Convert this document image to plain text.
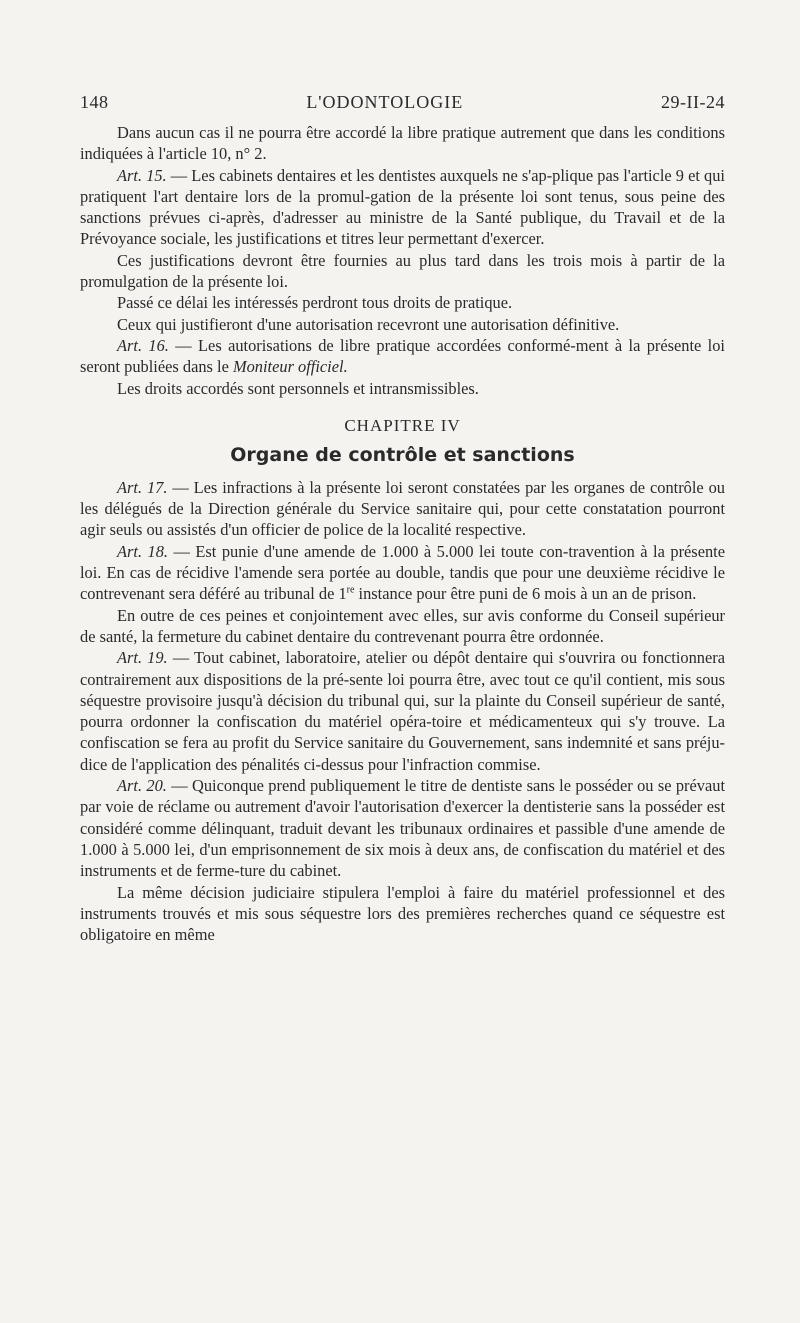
148	L'ODONTOLOGIE	29-II-24

Dans aucun cas il ne pourra être accordé la libre pratique autrement que dans les conditions indiquées à l'article 10, n° 2.

Art. 15. — Les cabinets dentaires et les dentistes auxquels ne s'ap-plique pas l'article 9 et qui pratiquent l'art dentaire lors de la promul-gation de la présente loi sont tenus, sous peine des sanctions prévues ci-après, d'adresser au ministre de la Santé publique, du Travail et de la Prévoyance sociale, les justifications et titres leur permettant d'exercer.

Ces justifications devront être fournies au plus tard dans les trois mois à partir de la promulgation de la présente loi.

Passé ce délai les intéressés perdront tous droits de pratique.

Ceux qui justifieront d'une autorisation recevront une autorisation définitive.

Art. 16. — Les autorisations de libre pratique accordées conformé-ment à la présente loi seront publiées dans le Moniteur officiel.

Les droits accordés sont personnels et intransmissibles.

CHAPITRE IV
Organe de contrôle et sanctions

Art. 17. — Les infractions à la présente loi seront constatées par les organes de contrôle ou les délégués de la Direction générale du Service sanitaire qui, pour cette constatation pourront agir seuls ou assistés d'un officier de police de la localité respective.

Art. 18. — Est punie d'une amende de 1.000 à 5.000 lei toute con-travention à la présente loi. En cas de récidive l'amende sera portée au double, tandis que pour une deuxième récidive le contrevenant sera déféré au tribunal de 1re instance pour être puni de 6 mois à un an de prison.

En outre de ces peines et conjointement avec elles, sur avis conforme du Conseil supérieur de santé, la fermeture du cabinet dentaire du contrevenant pourra être ordonnée.

Art. 19. — Tout cabinet, laboratoire, atelier ou dépôt dentaire qui s'ouvrira ou fonctionnera contrairement aux dispositions de la pré-sente loi pourra être, avec tout ce qu'il contient, mis sous séquestre provisoire jusqu'à décision du tribunal qui, sur la plainte du Conseil supérieur de santé, pourra ordonner la confiscation du matériel opéra-toire et médicamenteux qui s'y trouve. La confiscation se fera au profit du Service sanitaire du Gouvernement, sans indemnité et sans préju-dice de l'application des pénalités ci-dessus pour l'infraction commise.

Art. 20. — Quiconque prend publiquement le titre de dentiste sans le posséder ou se prévaut par voie de réclame ou autrement d'avoir l'autorisation d'exercer la dentisterie sans la posséder est considéré comme délinquant, traduit devant les tribunaux ordinaires et passible d'une amende de 1.000 à 5.000 lei, d'un emprisonnement de six mois à deux ans, de confiscation du matériel et des instruments et de ferme-ture du cabinet.

La même décision judiciaire stipulera l'emploi à faire du matériel professionnel et des instruments trouvés et mis sous séquestre lors des premières recherches quand ce séquestre est obligatoire en même
